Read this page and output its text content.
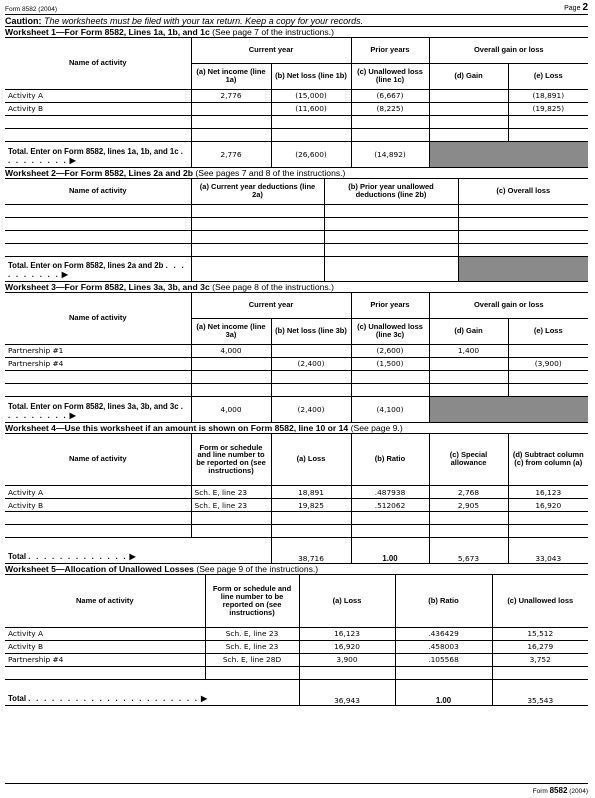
Form 8582 (2004)	Page 2
Caution: The worksheets must be filed with your tax return. Keep a copy for your records.
Worksheet 1—For Form 8582, Lines 1a, 1b, and 1c (See page 7 of the instructions.)
Name of activity	Current year		Prior years	Overall gain or loss	
	(a) Net income (line 1a)	(b) Net loss (line 1b)	(c) Unallowed loss (line 1c)	(d) Gain	(e) Loss
Activity A	2,776	(15,000)	(6,667)		(18,891)
Activity B		(11,600)	(8,225)		(19,825)

Total. Enter on Form 8582, lines 1a, 1b, and 1c . . . . . . . . . ▶	2,776	(26,600)	(14,892)		
Worksheet 2—For Form 8582, Lines 2a and 2b (See pages 7 and 8 of the instructions.)
Name of activity	(a) Current year deductions (line 2a)	(b) Prior year unallowed deductions (line 2b)	(c) Overall loss

Total. Enter on Form 8582, lines 2a and 2b . . . . . . . . . . ▶			
Worksheet 3—For Form 8582, Lines 3a, 3b, and 3c (See page 8 of the instructions.)
Name of activity	Current year		Prior years	Overall gain or loss	
	(a) Net income (line 3a)	(b) Net loss (line 3b)	(c) Unallowed loss (line 3c)	(d) Gain	(e) Loss
Partnership #1	4,000		(2,600)	1,400	
Partnership #4		(2,400)	(1,500)		(3,900)

Total. Enter on Form 8582, lines 3a, 3b, and 3c . . . . . . . . . ▶	4,000	(2,400)	(4,100)		
Worksheet 4—Use this worksheet if an amount is shown on Form 8582, line 10 or 14 (See page 9.)
Name of activity	Form or schedule and line number to be reported on (see instructions)	(a) Loss	(b) Ratio	(c) Special allowance	(d) Subtract column (c) from column (a)
Activity A	Sch. E, line 23	18,891	.487938	2,768	16,123
Activity B	Sch. E, line 23	19,825	.512062	2,905	16,920

Total . . . . . . . . . . . . . ▶		38,716	1.00	5,673	33,043
Worksheet 5—Allocation of Unallowed Losses (See page 9 of the instructions.)
Name of activity	Form or schedule and line number to be reported on (see instructions)	(a) Loss	(b) Ratio	(c) Unallowed loss
Activity A	Sch. E, line 23	16,123	.436429	15,512
Activity B	Sch. E, line 23	16,920	.458003	16,279
Partnership #4	Sch. E, line 28D	3,900	.105568	3,752

Total . . . . . . . . . . . . . . . . . . . . . . ▶		36,943	1.00	35,543
Form 8582 (2004)
